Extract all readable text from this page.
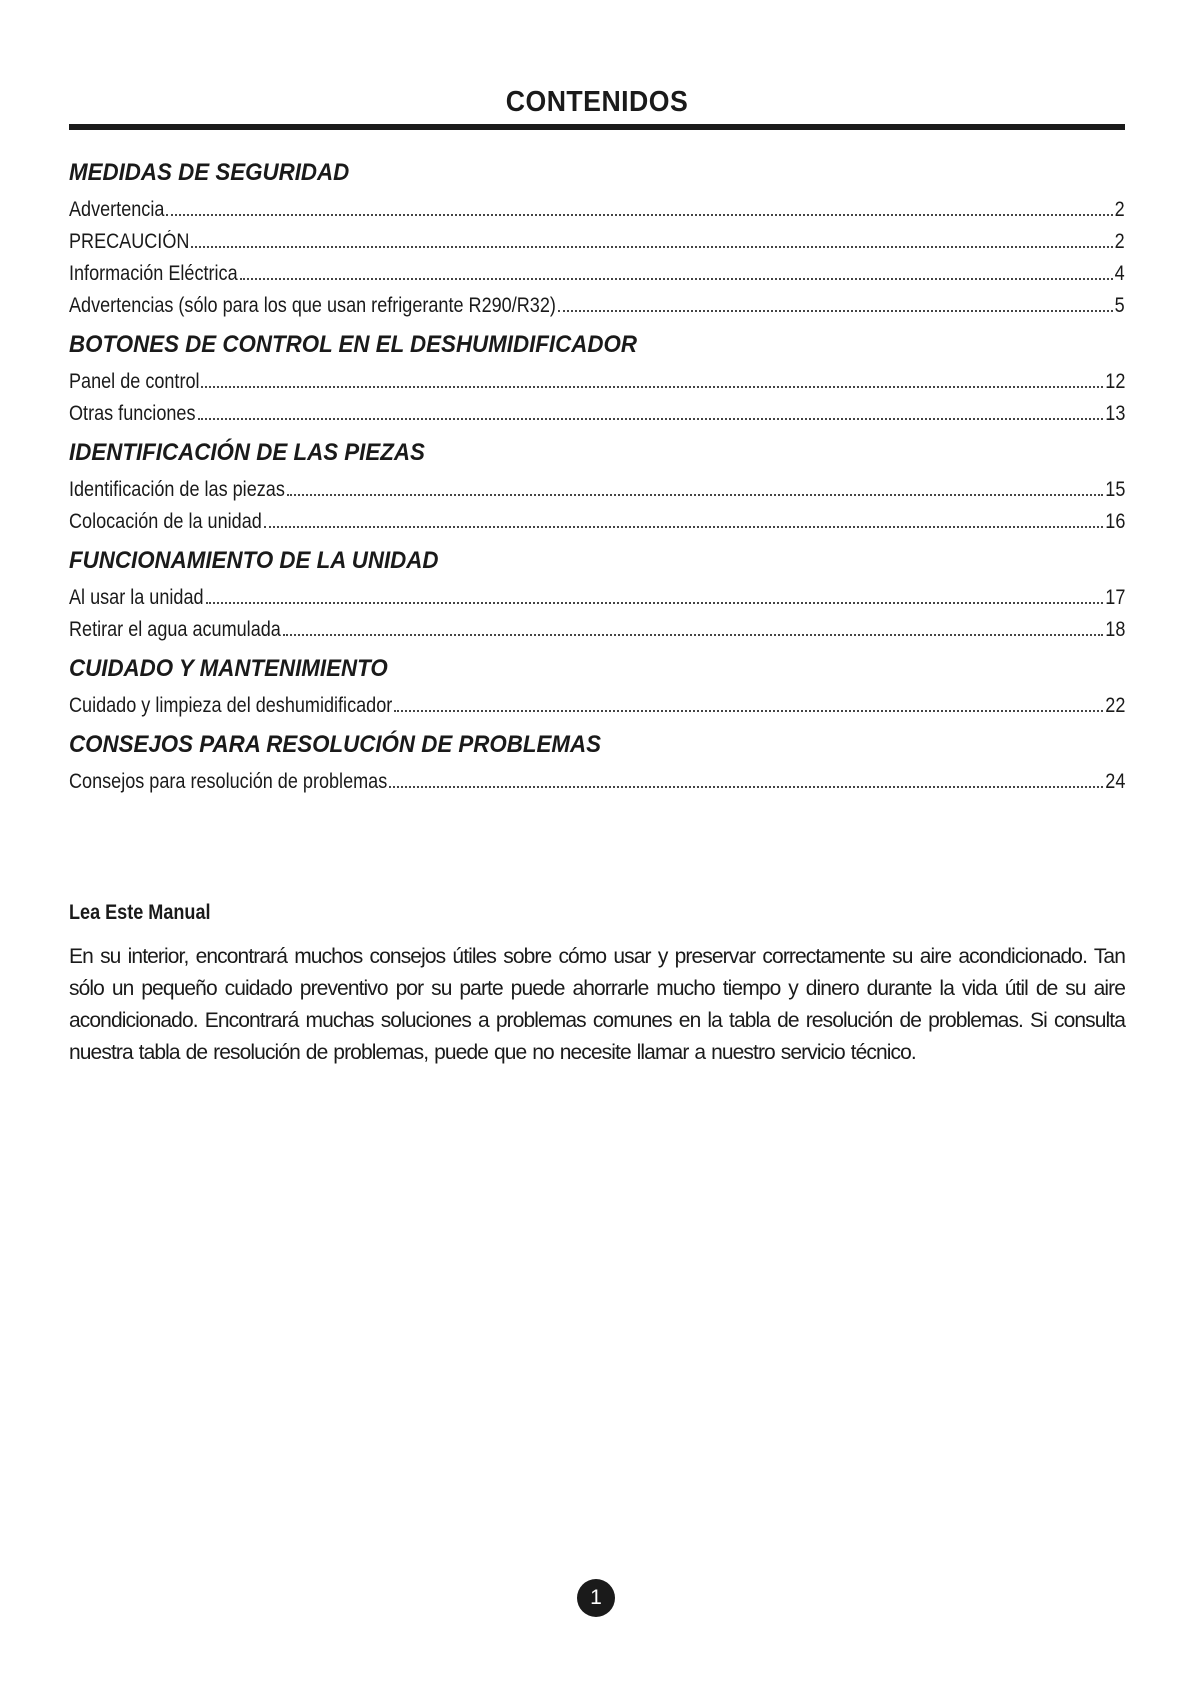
CONTENIDOS
MEDIDAS DE SEGURIDAD
Advertencia	2
PRECAUCIÓN	2
Información Eléctrica	4
Advertencias (sólo para los que usan refrigerante R290/R32)	5
BOTONES DE CONTROL EN EL DESHUMIDIFICADOR
Panel de control	12
Otras funciones	13
IDENTIFICACIÓN DE LAS PIEZAS
Identificación de las piezas	15
Colocación de la unidad	16
FUNCIONAMIENTO DE LA UNIDAD
Al usar la unidad	17
Retirar el agua acumulada	18
CUIDADO Y MANTENIMIENTO
Cuidado y limpieza del deshumidificador	22
CONSEJOS PARA RESOLUCIÓN DE PROBLEMAS
Consejos para resolución de problemas	24
Lea Este Manual
En su interior, encontrará muchos consejos útiles sobre cómo usar y preservar correctamente su aire acondicionado. Tan sólo un pequeño cuidado preventivo por su parte puede ahorrarle mucho tiempo y dinero durante la vida útil de su aire acondicionado. Encontrará muchas soluciones a problemas comunes en la tabla de resolución de problemas. Si consulta nuestra tabla de resolución de problemas, puede que no necesite llamar a nuestro servicio técnico.
1
